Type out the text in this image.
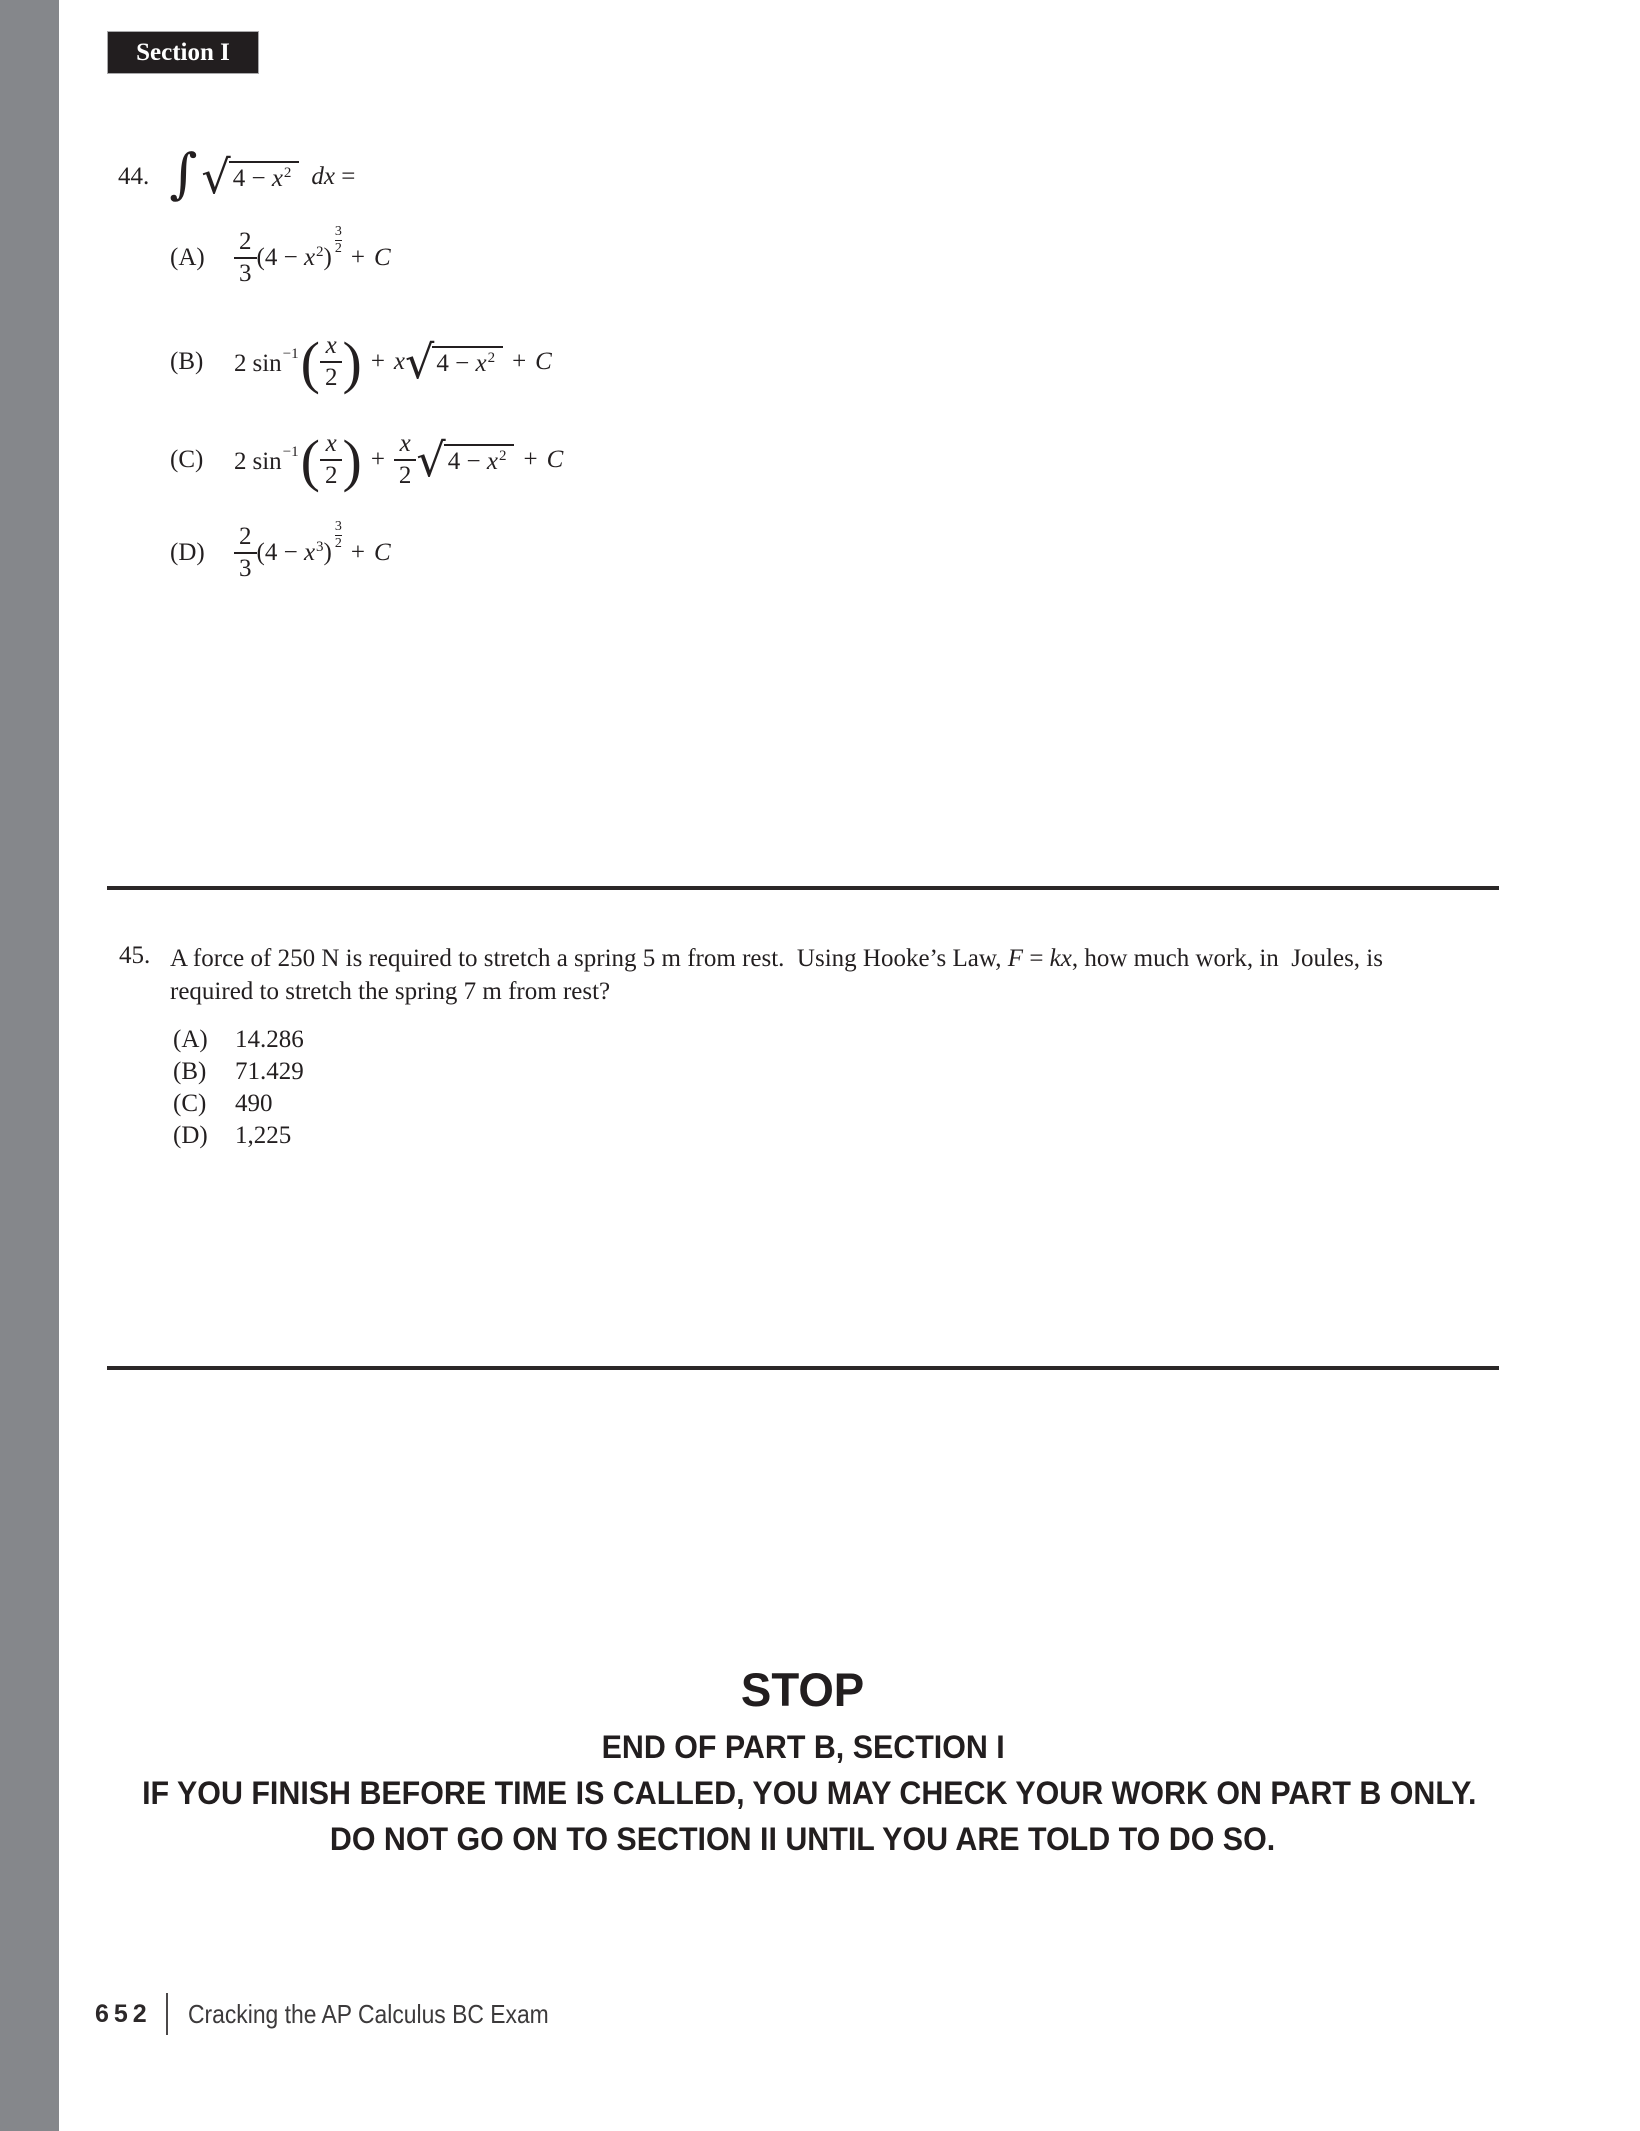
Section I
44. ∫ √ $4 - x^2$ dx =
(A)	$\frac{2}{3} (4 - x^2)$
$\frac{3}{2}$
+ C
(B)	2 $\sin^{-1}$ ( $\frac{x}{2}$ ) + x √ $4 - x^2 + C$
(C)	2 $\sin^{-1}$ ( $\frac{x}{2}$ ) + $\frac{x}{2}$ √ $4 - x^2 + C$
(D)	$\frac{2}{3} (4 - x^3)$
$\frac{3}{2}$
+ C
45. A force of 250 N is required to stretch a spring 5 m from rest.  Using Hooke’s Law, F = kx, how much work, in  Joules, is
required to stretch the spring 7 m from rest?
(A)	14.286
(B)	71.429
(C)	490
(D)	1,225
STOP
END OF PART B, SECTION I
IF YOU FINISH BEFORE TIME IS CALLED, YOU MAY CHECK YOUR WORK ON PART B ONLY.
DO NOT GO ON TO SECTION II UNTIL YOU ARE TOLD TO DO SO.
652 Cracking the AP Calculus BC Exam
